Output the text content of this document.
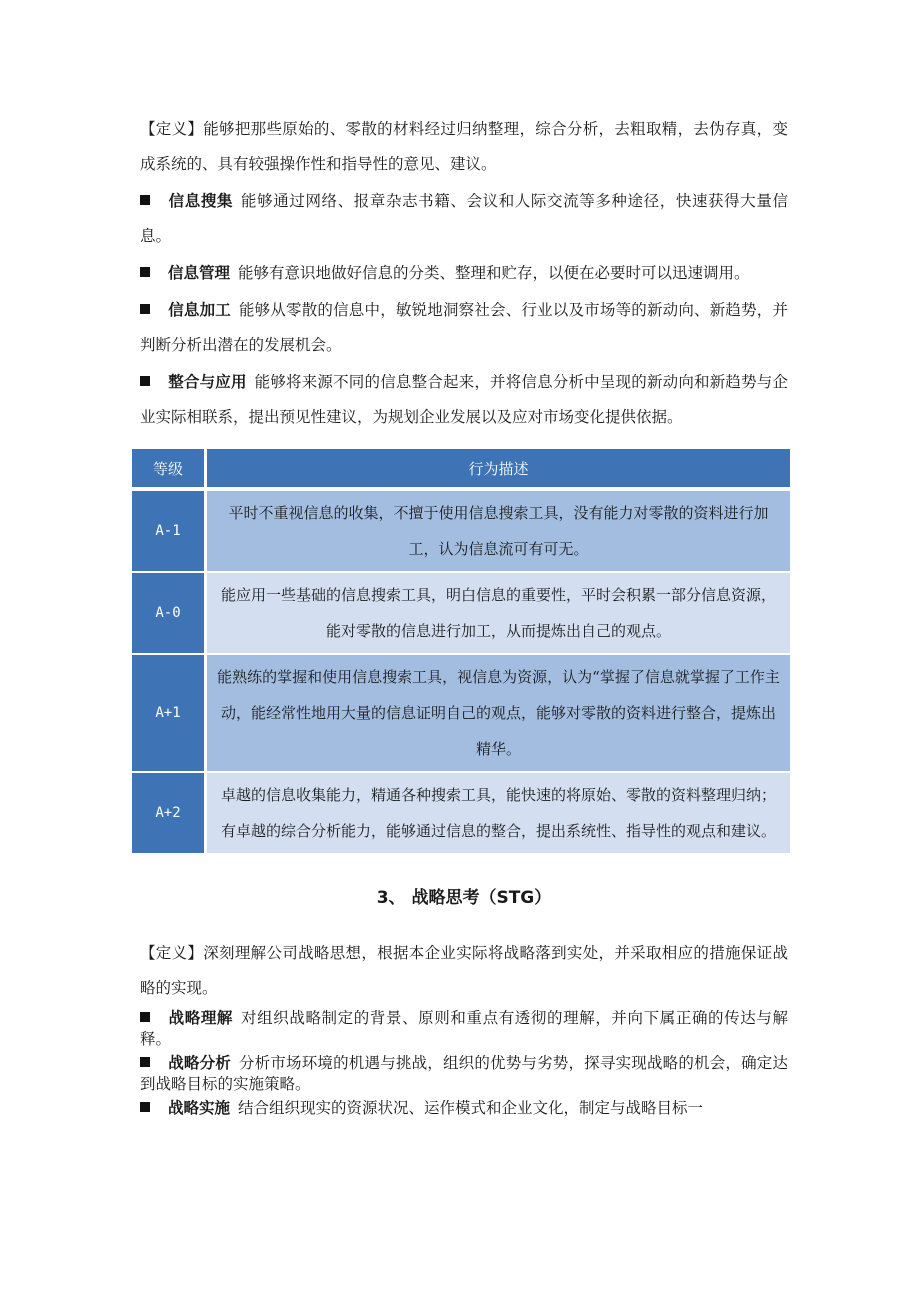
【定义】能够把那些原始的、零散的材料经过归纳整理，综合分析，去粗取精，去伪存真，变成系统的、具有较强操作性和指导性的意见、建议。

信息搜集 能够通过网络、报章杂志书籍、会议和人际交流等多种途径，快速获得大量信息。
信息管理 能够有意识地做好信息的分类、整理和贮存，以便在必要时可以迅速调用。
信息加工 能够从零散的信息中，敏锐地洞察社会、行业以及市场等的新动向、新趋势，并判断分析出潜在的发展机会。
整合与应用 能够将来源不同的信息整合起来，并将信息分析中呈现的新动向和新趋势与企业实际相联系，提出预见性建议，为规划企业发展以及应对市场变化提供依据。
等级	行为描述
A-1	平时不重视信息的收集，不擅于使用信息搜索工具，没有能力对零散的资料进行加工，认为信息流可有可无。
A-0	能应用一些基础的信息搜索工具，明白信息的重要性，平时会积累一部分信息资源，能对零散的信息进行加工，从而提炼出自己的观点。
A+1	能熟练的掌握和使用信息搜索工具，视信息为资源，认为“掌握了信息就掌握了工作主动，能经常性地用大量的信息证明自己的观点，能够对零散的资料进行整合，提炼出精华。
A+2	卓越的信息收集能力，精通各种搜索工具，能快速的将原始、零散的资料整理归纳；有卓越的综合分析能力，能够通过信息的整合，提出系统性、指导性的观点和建议。
3、 战略思考（STG）

【定义】深刻理解公司战略思想，根据本企业实际将战略落到实处，并采取相应的措施保证战略的实现。

战略理解 对组织战略制定的背景、原则和重点有透彻的理解，并向下属正确的传达与解释。
战略分析 分析市场环境的机遇与挑战，组织的优势与劣势，探寻实现战略的机会，确定达到战略目标的实施策略。
战略实施 结合组织现实的资源状况、运作模式和企业文化，制定与战略目标一
